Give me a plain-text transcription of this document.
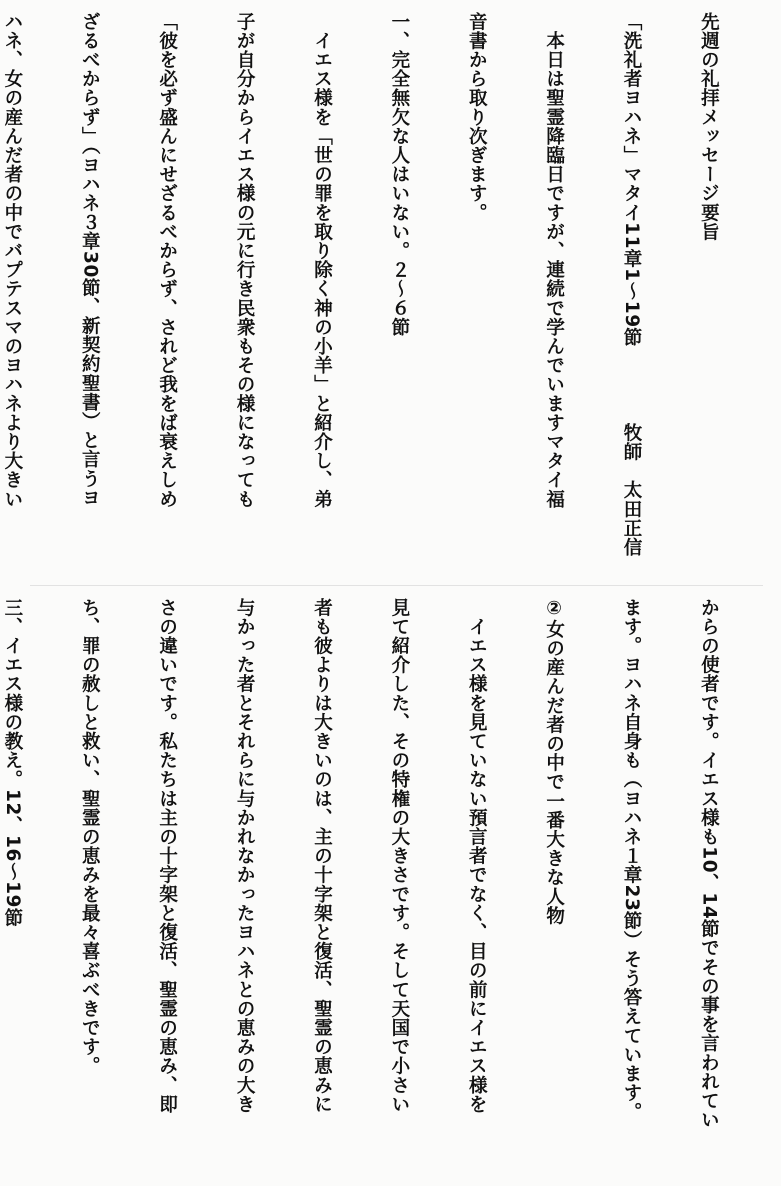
先週の礼拝メッセージ要旨

「洗礼者ヨハネ」マタイ11章1〜19節　　　　牧師　太田正信

　本日は聖霊降臨日ですが、連続で学んでいますマタイ福

音書から取り次ぎます。

一、完全無欠な人はいない。２〜６節

　イエス様を「世の罪を取り除く神の小羊」と紹介し、弟

子が自分からイエス様の元に行き民衆もその様になっても

「彼を必ず盛んにせざるべからず、されど我をば衰えしめ

ざるべからず」（ヨハネ３章30節、新契約聖書）と言うヨ

ハネ、女の産んだ者の中でバプテスマのヨハネより大きい

からの使者です。イエス様も10、14節でその事を言われてい

ます。ヨハネ自身も（ヨハネ１章23節）そう答えています。

②女の産んだ者の中で一番大きな人物

　イエス様を見ていない預言者でなく、目の前にイエス様を

見て紹介した、その特権の大きさです。そして天国で小さい

者も彼よりは大きいのは、主の十字架と復活、聖霊の恵みに

与かった者とそれらに与かれなかったヨハネとの恵みの大き

さの違いです。私たちは主の十字架と復活、聖霊の恵み、即

ち、罪の赦しと救い、聖霊の恵みを最々喜ぶべきです。

三、イエス様の教え。12、16〜19節
